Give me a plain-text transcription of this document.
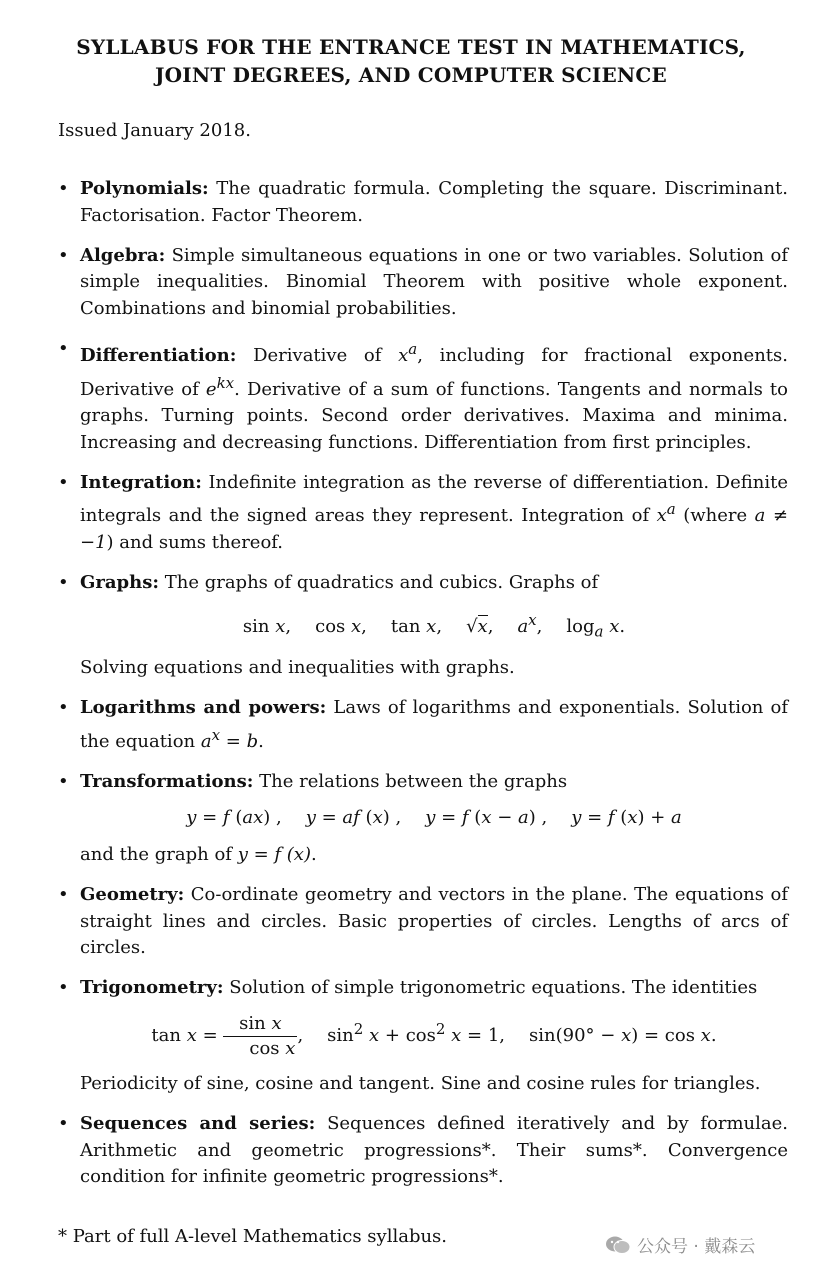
SYLLABUS FOR THE ENTRANCE TEST IN MATHEMATICS,
JOINT DEGREES, AND COMPUTER SCIENCE
Issued January 2018.
• Polynomials: The quadratic formula. Completing the square. Discriminant. Factorisation. Factor Theorem.

• Algebra: Simple simultaneous equations in one or two variables. Solution of simple inequalities. Binomial Theorem with positive whole exponent. Combinations and binomial probabilities.

• Differentiation: Derivative of $x^a$, including for fractional exponents. Derivative of $e^{kx}$. Derivative of a sum of functions. Tangents and normals to graphs. Turning points. Second order derivatives. Maxima and minima. Increasing and decreasing functions. Differentiation from first principles.

• Integration: Indefinite integration as the reverse of differentiation. Definite integrals and the signed areas they represent. Integration of $x^a$ (where a ≠ −1) and sums thereof.

• Graphs: The graphs of quadratics and cubics. Graphs of

sin x, cos x, tan x, √x, $a^x$, $\log_a x$.

Solving equations and inequalities with graphs.

• Logarithms and powers: Laws of logarithms and exponentials. Solution of the equation $a^x = b$.

• Transformations: The relations between the graphs

y = f (ax) , y = af (x) , y = f (x − a) , y = f (x) + a

and the graph of y = f (x).

• Geometry: Co-ordinate geometry and vectors in the plane. The equations of straight lines and circles. Basic properties of circles. Lengths of arcs of circles.

• Trigonometry: Solution of simple trigonometric equations. The identities

$\tan x = \frac{\text{sin x}}{\text{cos x}}$ , $\sin^2 x + \cos^2 x = 1$, sin(90° − x) = cos x.

Periodicity of sine, cosine and tangent. Sine and cosine rules for triangles.

• Sequences and series: Sequences defined iteratively and by formulae. Arithmetic and geometric progressions*. Their sums*. Convergence condition for infinite geometric progressions*.

* Part of full A-level Mathematics syllabus.	公众号 · 戴森云
